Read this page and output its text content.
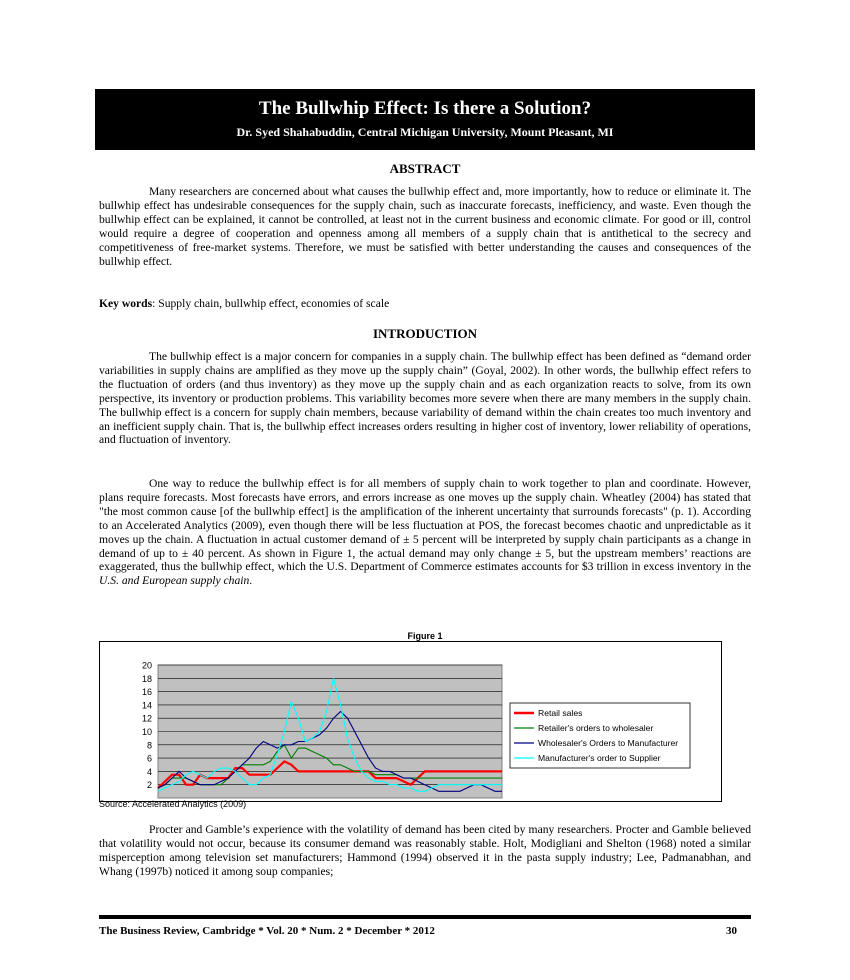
The Bullwhip Effect: Is there a Solution?
Dr. Syed Shahabuddin, Central Michigan University, Mount Pleasant, MI
ABSTRACT

Many researchers are concerned about what causes the bullwhip effect and, more importantly, how to reduce or eliminate it. The bullwhip effect has undesirable consequences for the supply chain, such as inaccurate forecasts, inefficiency, and waste. Even though the bullwhip effect can be explained, it cannot be controlled, at least not in the current business and economic climate. For good or ill, control would require a degree of cooperation and openness among all members of a supply chain that is antithetical to the secrecy and competitiveness of free-market systems. Therefore, we must be satisfied with better understanding the causes and consequences of the bullwhip effect.

Key words: Supply chain, bullwhip effect, economies of scale
INTRODUCTION

The bullwhip effect is a major concern for companies in a supply chain. The bullwhip effect has been defined as “demand order variabilities in supply chains are amplified as they move up the supply chain” (Goyal, 2002). In other words, the bullwhip effect refers to the fluctuation of orders (and thus inventory) as they move up the supply chain and as each organization reacts to solve, from its own perspective, its inventory or production problems. This variability becomes more severe when there are many members in the supply chain. The bullwhip effect is a concern for supply chain members, because variability of demand within the chain creates too much inventory and an inefficient supply chain. That is, the bullwhip effect increases orders resulting in higher cost of inventory, lower reliability of operations, and fluctuation of inventory.

One way to reduce the bullwhip effect is for all members of supply chain to work together to plan and coordinate. However, plans require forecasts. Most forecasts have errors, and errors increase as one moves up the supply chain. Wheatley (2004) has stated that "the most common cause [of the bullwhip effect] is the amplification of the inherent uncertainty that surrounds forecasts" (p. 1). According to an Accelerated Analytics (2009), even though there will be less fluctuation at POS, the forecast becomes chaotic and unpredictable as it moves up the chain. A fluctuation in actual customer demand of ± 5 percent will be interpreted by supply chain participants as a change in demand of up to ± 40 percent. As shown in Figure 1, the actual demand may only change ± 5, but the upstream members’ reactions are exaggerated, thus the bullwhip effect, which the U.S. Department of Commerce estimates accounts for $3 trillion in excess inventory in the U.S. and European supply chain.

Figure 1
2
4
6
8
10
12
14
16
18
20
Retail sales
Retailer's orders to wholesaler
Wholesaler's Orders to Manufacturer
Manufacturer's order to Supplier
Source: Accelerated Analytics (2009)

Procter and Gamble’s experience with the volatility of demand has been cited by many researchers. Procter and Gamble believed that volatility would not occur, because its consumer demand was reasonably stable. Holt, Modigliani and Shelton (1968) noted a similar misperception among television set manufacturers; Hammond (1994) observed it in the pasta supply industry; Lee, Padmanabhan, and Whang (1997b) noticed it among soup companies;

The Business Review, Cambridge * Vol. 20 * Num. 2 * December * 2012	30
